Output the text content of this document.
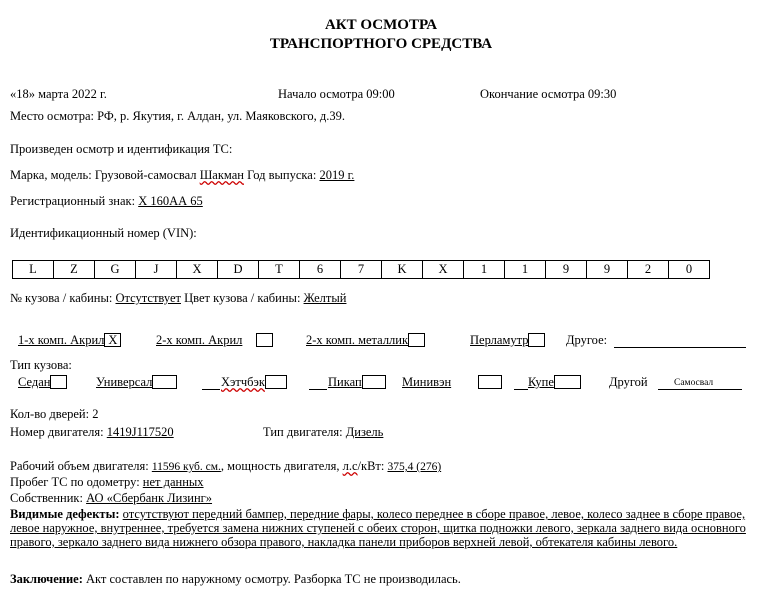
АКТ ОСМОТРА
ТРАНСПОРТНОГО СРЕДСТВА
«18» марта 2022 г.	Начало осмотра 09:00	Окончание осмотра 09:30
Место осмотра: РФ, р. Якутия, г. Алдан, ул. Маяковского, д.39.
Произведен осмотр и идентификация ТС:
Марка, модель: Грузовой-самосвал Шакман Год выпуска: 2019 г.
Регистрационный знак: Х 160АА 65
Идентификационный номер (VIN):
L	Z	G	J	X	D	T	6	7	K	X	1	1	9	9	2	0
№ кузова / кабины: Отсутствует Цвет кузова / кабины: Желтый
1-х комп. Акрил Х	2-х комп. Акрил	2-х комп. металлик	Перламутр	Другое:
Тип кузова:
Седан	Универсал	Хэтчбэк	Пикап	Минивэн	Купе	Другой	Самосвал
Кол-во дверей: 2
Номер двигателя: 1419J117520	Тип двигателя: Дизель
Рабочий объем двигателя: 11596 куб. см., мощность двигателя, л.с/кВт: 375,4 (276)
Пробег ТС по одометру: нет данных
Собственник: АО «Сбербанк Лизинг»
Видимые дефекты: отсутствуют передний бампер, передние фары, колесо переднее в сборе правое, левое, колесо заднее в сборе правое, левое наружное, внутреннее, требуется замена нижних ступеней с обеих сторон, щитка подножки левого, зеркала заднего вида основного правого, зеркало заднего вида нижнего обзора правого, накладка панели приборов верхней левой, обтекателя кабины левого.
Заключение: Акт составлен по наружному осмотру. Разборка ТС не производилась.
